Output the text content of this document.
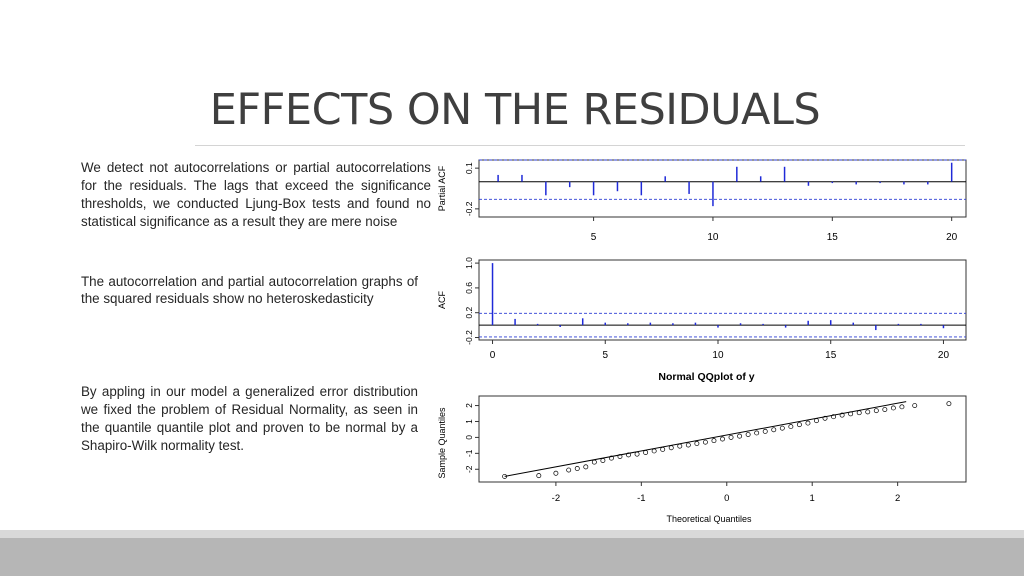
EFFECTS ON THE RESIDUALS

We detect not autocorrelations or partial autocorrelations for the residuals. The lags that exceed the significance thresholds, we conducted Ljung-Box tests and found no statistical significance as a result they are mere noise

The autocorrelation and partial autocorrelation graphs of the squared residuals show no heteroskedasticity

By appling in our model a generalized error distribution we fixed the problem of Residual Normality, as seen in the quantile quantile plot and proven to be normal by a Shapiro-Wilk normality test.

5	10	15	20
-0.2
0.1
Partial ACF
0	5	10	15	20
-0.2
0.2
0.6
1.0
ACF
Normal QQplot of y
-2	-1	0	1	2
-2
-1
0
1
2
Theoretical Quantiles
Sample Quantiles
